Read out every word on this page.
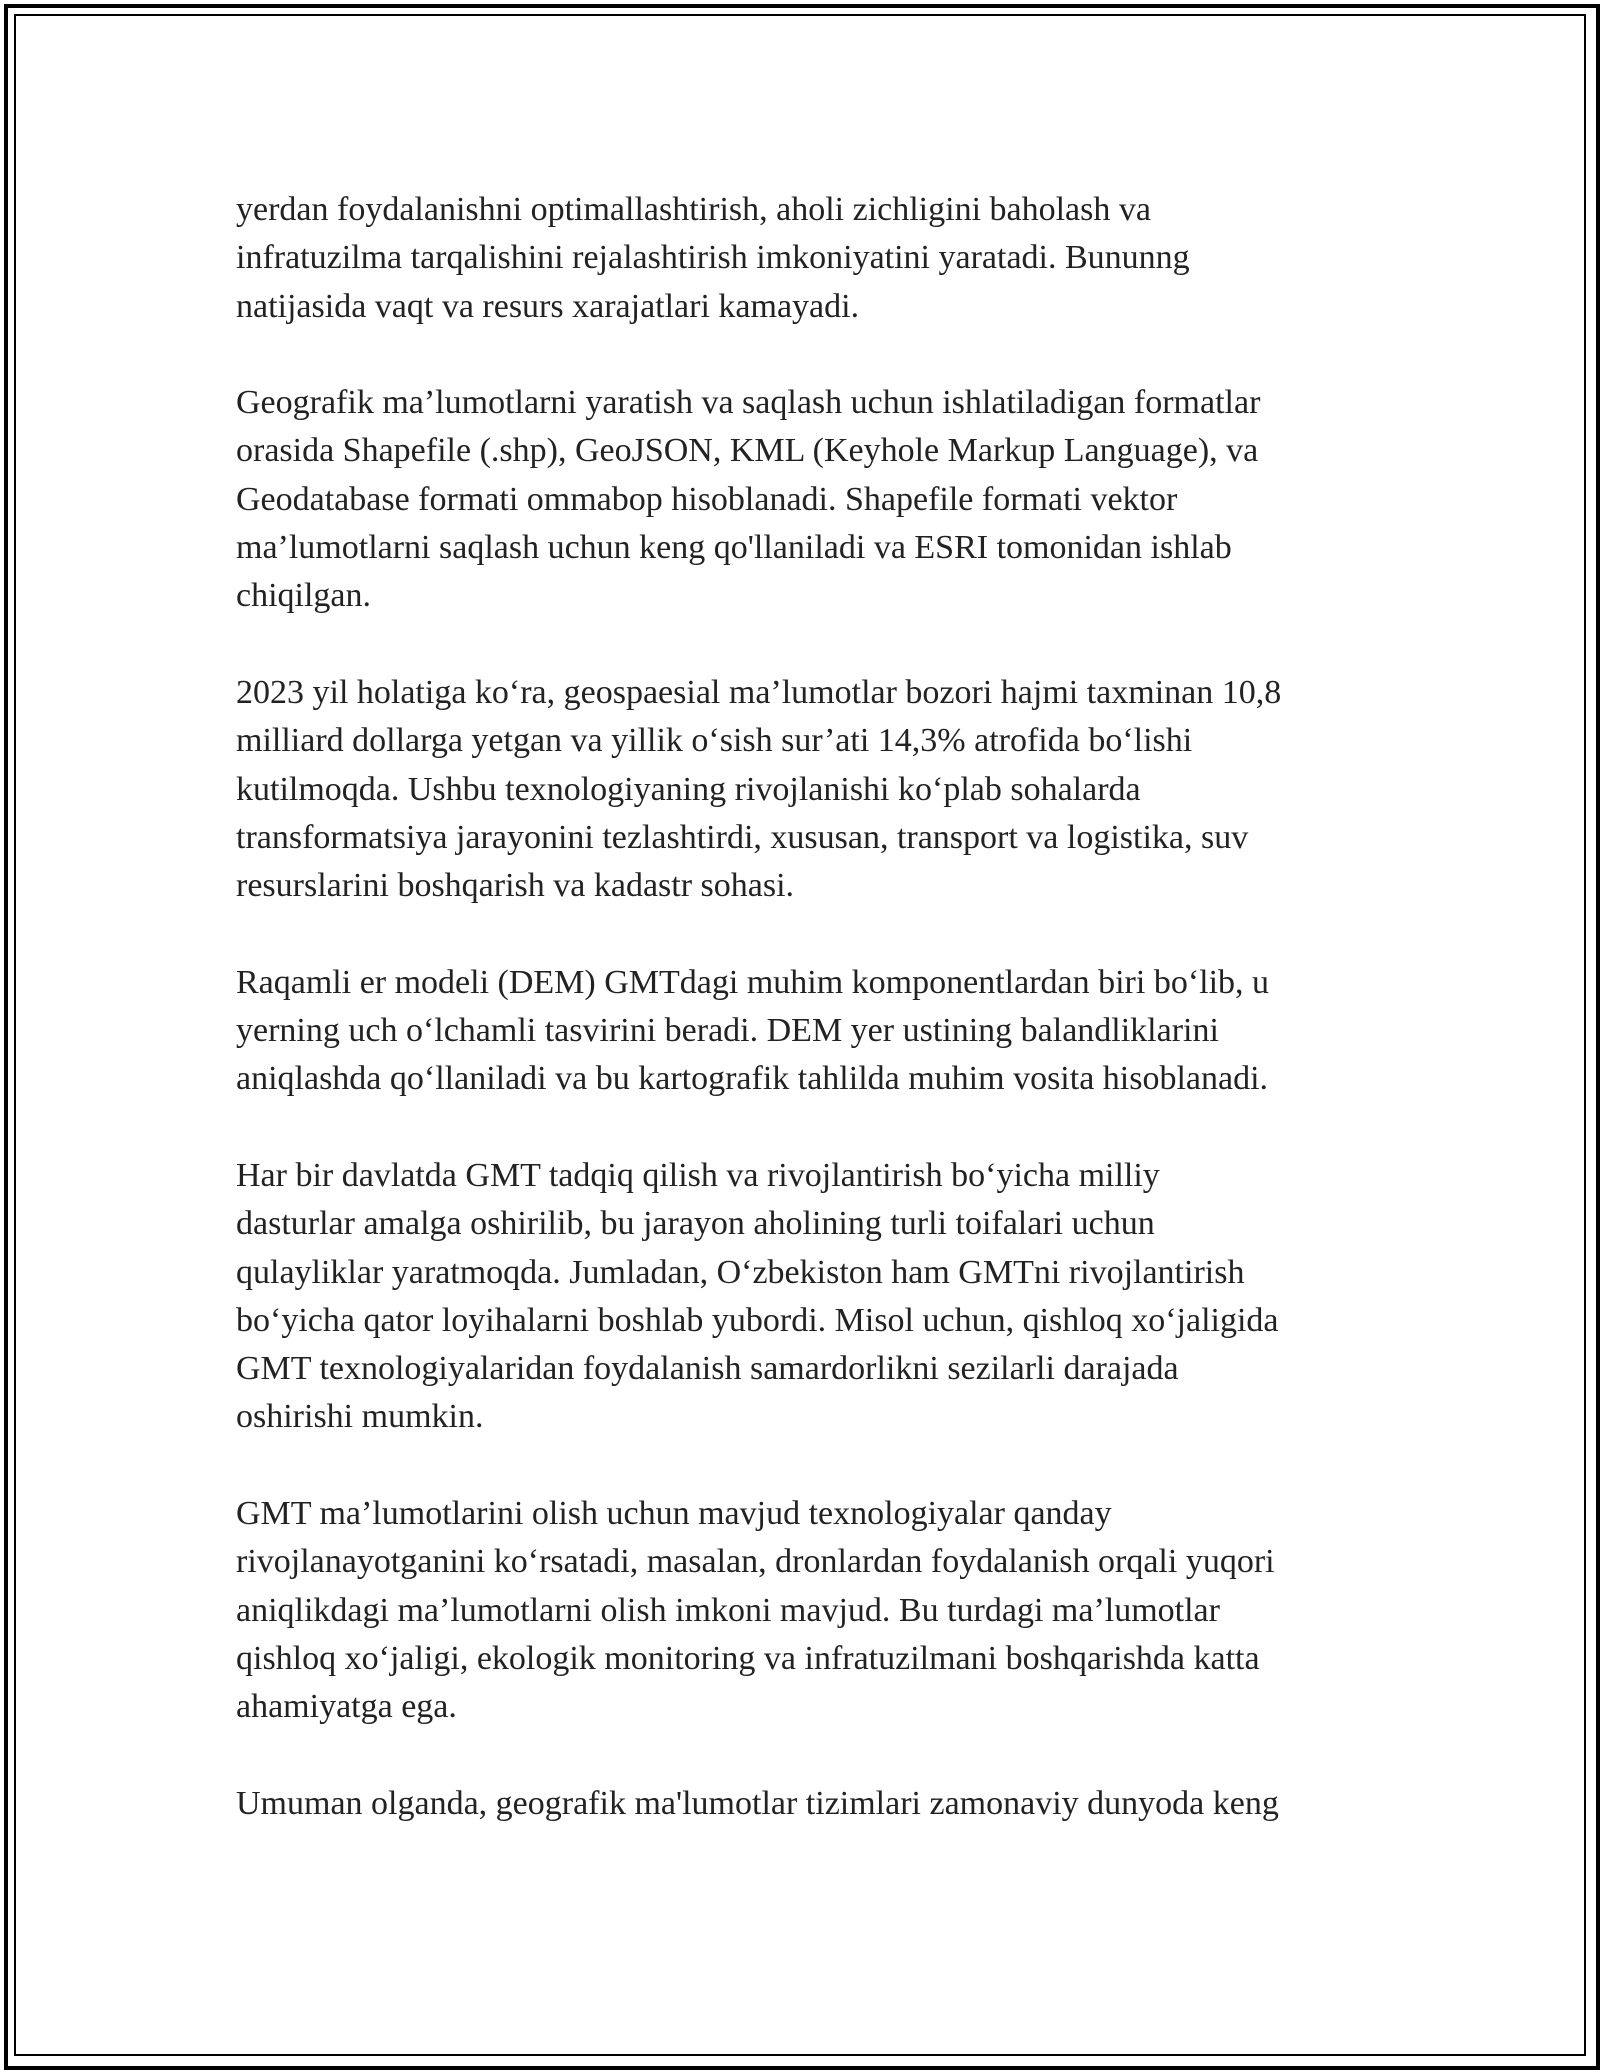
yerdan foydalanishni optimallashtirish, aholi zichligini baholash va
infratuzilma tarqalishini rejalashtirish imkoniyatini yaratadi. Bununng
natijasida vaqt va resurs xarajatlari kamayadi.
Geografik ma’lumotlarni yaratish va saqlash uchun ishlatiladigan formatlar
orasida Shapefile (.shp), GeoJSON, KML (Keyhole Markup Language), va
Geodatabase formati ommabop hisoblanadi. Shapefile formati vektor
ma’lumotlarni saqlash uchun keng qo'llaniladi va ESRI tomonidan ishlab
chiqilgan.
2023 yil holatiga ko‘ra, geospaesial ma’lumotlar bozori hajmi taxminan 10,8
milliard dollarga yetgan va yillik o‘sish sur’ati 14,3% atrofida bo‘lishi
kutilmoqda. Ushbu texnologiyaning rivojlanishi ko‘plab sohalarda
transformatsiya jarayonini tezlashtirdi, xususan, transport va logistika, suv
resurslarini boshqarish va kadastr sohasi.
Raqamli er modeli (DEM) GMTdagi muhim komponentlardan biri bo‘lib, u
yerning uch o‘lchamli tasvirini beradi. DEM yer ustining balandliklarini
aniqlashda qo‘llaniladi va bu kartografik tahlilda muhim vosita hisoblanadi.
Har bir davlatda GMT tadqiq qilish va rivojlantirish bo‘yicha milliy
dasturlar amalga oshirilib, bu jarayon aholining turli toifalari uchun
qulayliklar yaratmoqda. Jumladan, O‘zbekiston ham GMTni rivojlantirish
bo‘yicha qator loyihalarni boshlab yubordi. Misol uchun, qishloq xo‘jaligida
GMT texnologiyalaridan foydalanish samardorlikni sezilarli darajada
oshirishi mumkin.
GMT ma’lumotlarini olish uchun mavjud texnologiyalar qanday
rivojlanayotganini ko‘rsatadi, masalan, dronlardan foydalanish orqali yuqori
aniqlikdagi ma’lumotlarni olish imkoni mavjud. Bu turdagi ma’lumotlar
qishloq xo‘jaligi, ekologik monitoring va infratuzilmani boshqarishda katta
ahamiyatga ega.
Umuman olganda, geografik ma'lumotlar tizimlari zamonaviy dunyoda keng
